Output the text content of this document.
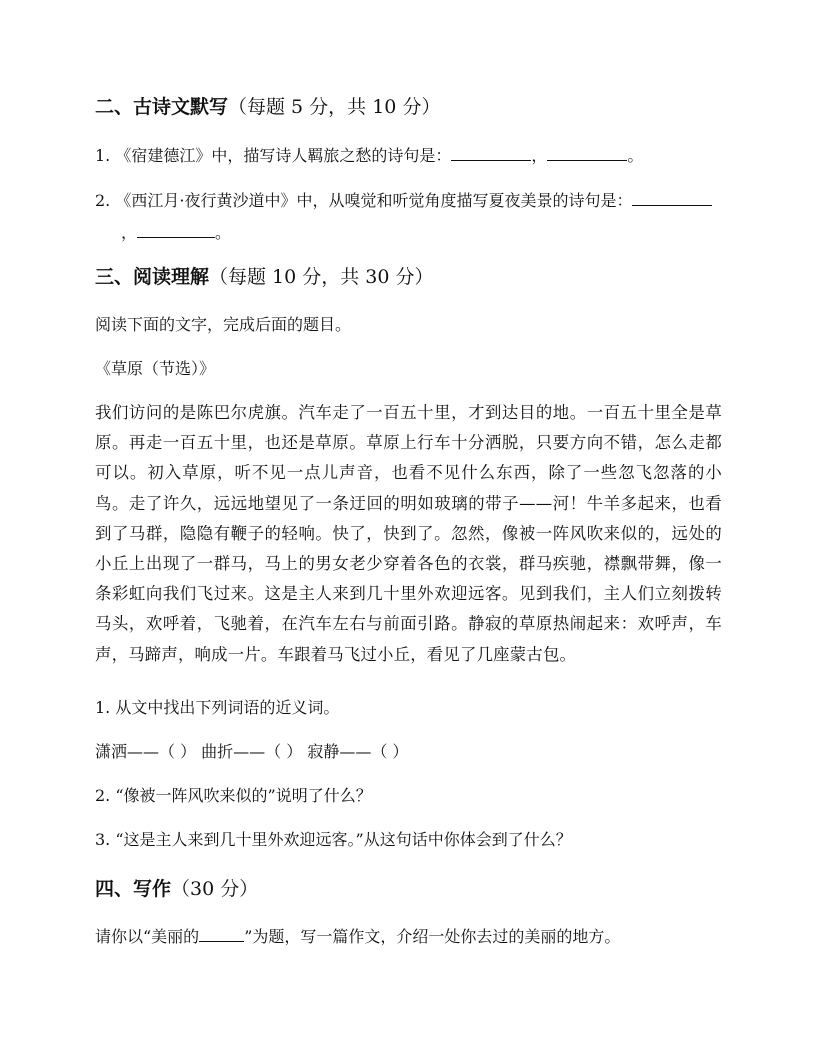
二、古诗文默写（每题 5 分，共 10 分）
1. 《宿建德江》中，描写诗人羁旅之愁的诗句是：	，	。
2. 《西江月·夜行黄沙道中》中，从嗅觉和听觉角度描写夏夜美景的诗句是：
，	。
三、阅读理解（每题 10 分，共 30 分）
阅读下面的文字，完成后面的题目。
《草原（节选）》
我们访问的是陈巴尔虎旗。汽车走了一百五十里，才到达目的地。一百五十里全是草原。再走一百五十里，也还是草原。草原上行车十分洒脱，只要方向不错，怎么走都可以。初入草原，听不见一点儿声音，也看不见什么东西，除了一些忽飞忽落的小鸟。走了许久，远远地望见了一条迂回的明如玻璃的带子——河！牛羊多起来，也看到了马群，隐隐有鞭子的轻响。快了，快到了。忽然，像被一阵风吹来似的，远处的小丘上出现了一群马，马上的男女老少穿着各色的衣裳，群马疾驰，襟飘带舞，像一条彩虹向我们飞过来。这是主人来到几十里外欢迎远客。见到我们，主人们立刻拨转马头，欢呼着，飞驰着，在汽车左右与前面引路。静寂的草原热闹起来：欢呼声，车声，马蹄声，响成一片。车跟着马飞过小丘，看见了几座蒙古包。
1. 从文中找出下列词语的近义词。
潇洒——（ ） 曲折——（ ） 寂静——（ ）
2. “像被一阵风吹来似的”说明了什么？
3. “这是主人来到几十里外欢迎远客。”从这句话中你体会到了什么？
四、写作（30 分）
请你以“美丽的	”为题，写一篇作文，介绍一处你去过的美丽的地方。
